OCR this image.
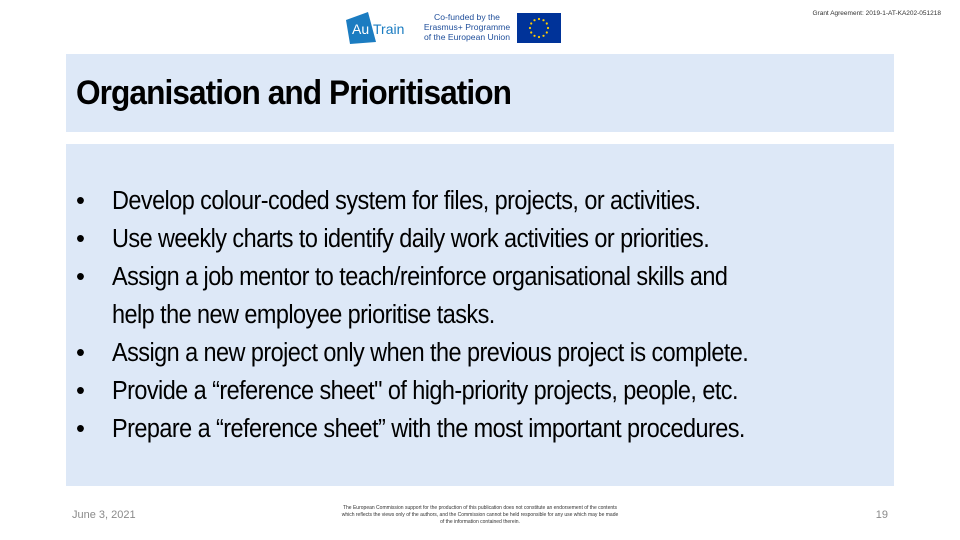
Au Train
Co-funded by the
Erasmus+ Programme
of the European Union
Grant Agreement: 2019-1-AT-KA202-051218
Organisation and Prioritisation
•	Develop colour-coded system for files, projects, or activities.
•	Use weekly charts to identify daily work activities or priorities.
•	Assign a job mentor to teach/reinforce organisational skills and
help the new employee prioritise tasks.
•	Assign a new project only when the previous project is complete.
•	Provide a “reference sheet" of high-priority projects, people, etc.
•	Prepare a “reference sheet” with the most important procedures.
June 3, 2021
The European Commission support for the production of this publication does not constitute an endorsement of the contents
which reflects the views only of the authors, and the Commission cannot be held responsible for any use which may be made
of the information contained therein.
19
